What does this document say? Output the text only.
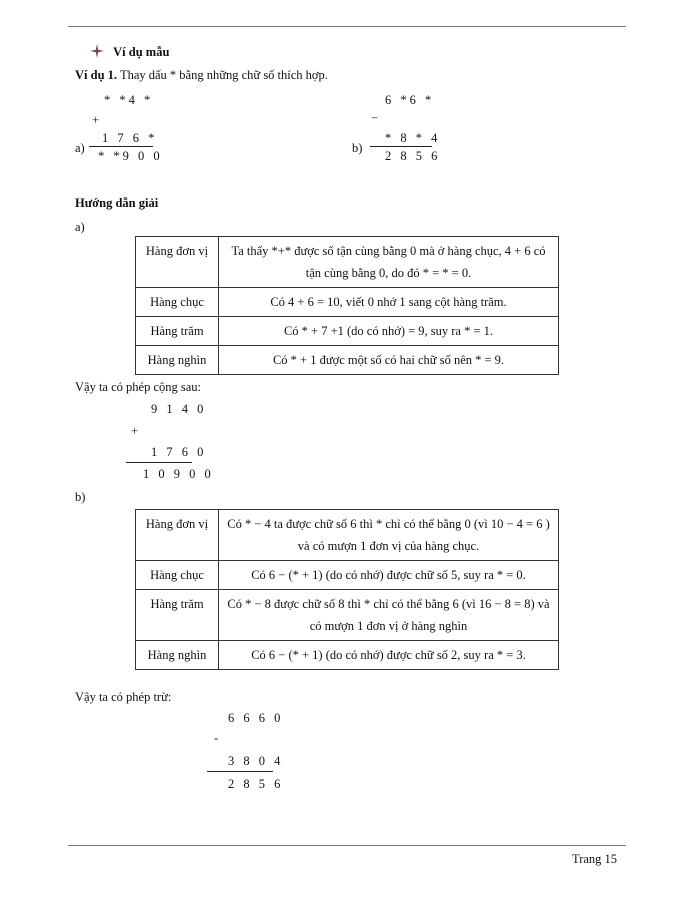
Ví dụ mẫu
Ví dụ 1. Thay dấu * bằng những chữ số thích hợp.
* *4 *
+
a)
1 7 6 *
* *9 0 0
6 *6 *
−
b)
* 8 * 4
2 8 5 6
Hướng dẫn giải
a)
Hàng đơn vị	Ta thấy *+* được số tận cùng bằng 0 mà ở hàng chục, 4 + 6 có tận cùng bằng 0, do đó * = * = 0.
Hàng chục	Có 4 + 6 = 10, viết 0 nhớ 1 sang cột hàng trăm.
Hàng trăm	Có * + 7 +1 (do có nhớ) = 9, suy ra * = 1.
Hàng nghìn	Có * + 1 được một số có hai chữ số nên * = 9.
Vậy ta có phép cộng sau:
9 1 4 0
+
1 7 6 0
1 0 9 0 0
b)
Hàng đơn vị	Có * − 4 ta được chữ số 6 thì * chỉ có thể bằng 0 (vì 10 − 4 = 6 ) và có mượn 1 đơn vị của hàng chục.
Hàng chục	Có 6 − (* + 1) (do có nhớ) được chữ số 5, suy ra * = 0.
Hàng trăm	Có * − 8 được chữ số 8 thì * chỉ có thể bằng 6 (vì 16 − 8 = 8) và có mượn 1 đơn vị ở hàng nghìn
Hàng nghìn	Có 6 − (* + 1) (do có nhớ) được chữ số 2, suy ra * = 3.
Vậy ta có phép trừ:
6 6 6 0
-
3 8 0 4
2 8 5 6
Trang 15
